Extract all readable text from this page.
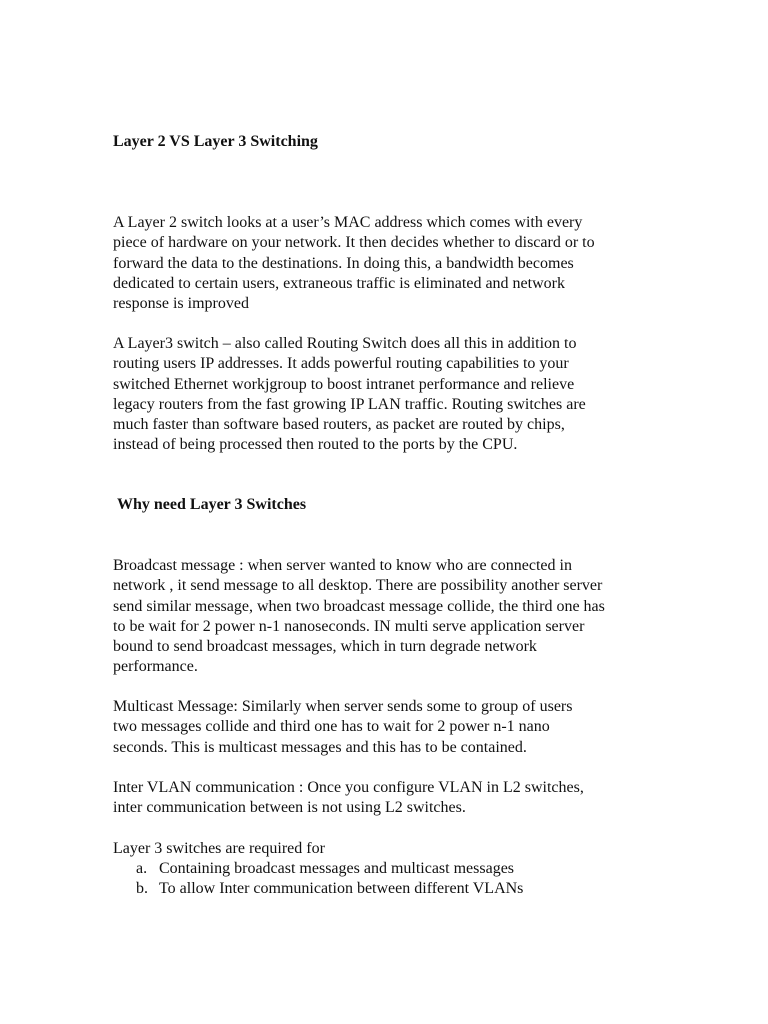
Layer 2 VS Layer 3 Switching

A Layer 2 switch looks at a user’s MAC address which comes with every
piece of hardware on your network. It then decides whether to discard or to
forward the data to the destinations. In doing this, a bandwidth becomes
dedicated to certain users, extraneous traffic is eliminated and network
response is improved

A Layer3 switch – also called Routing Switch does all this in addition to
routing users IP addresses. It adds powerful routing capabilities to your
switched Ethernet workjgroup to boost intranet performance and relieve
legacy routers from the fast growing IP LAN traffic. Routing switches are
much faster than software based routers, as packet are routed by chips,
instead of being processed then routed to the ports by the CPU.

Why need Layer 3 Switches

Broadcast message : when server wanted to know who are connected in
network , it send message to all desktop. There are possibility another server
send similar message, when two broadcast message collide, the third one has
to be wait for 2 power n-1 nanoseconds. IN multi serve application server
bound to send broadcast messages, which in turn degrade network
performance.

Multicast Message: Similarly when server sends some to group of users
two messages collide and third one has to wait for 2 power n-1 nano
seconds. This is multicast messages and this has to be contained.

Inter VLAN communication : Once you configure VLAN in L2 switches,
inter communication between is not using L2 switches.

Layer 3 switches are required for

a. Containing broadcast messages and multicast messages
b. To allow Inter communication between different VLANs
